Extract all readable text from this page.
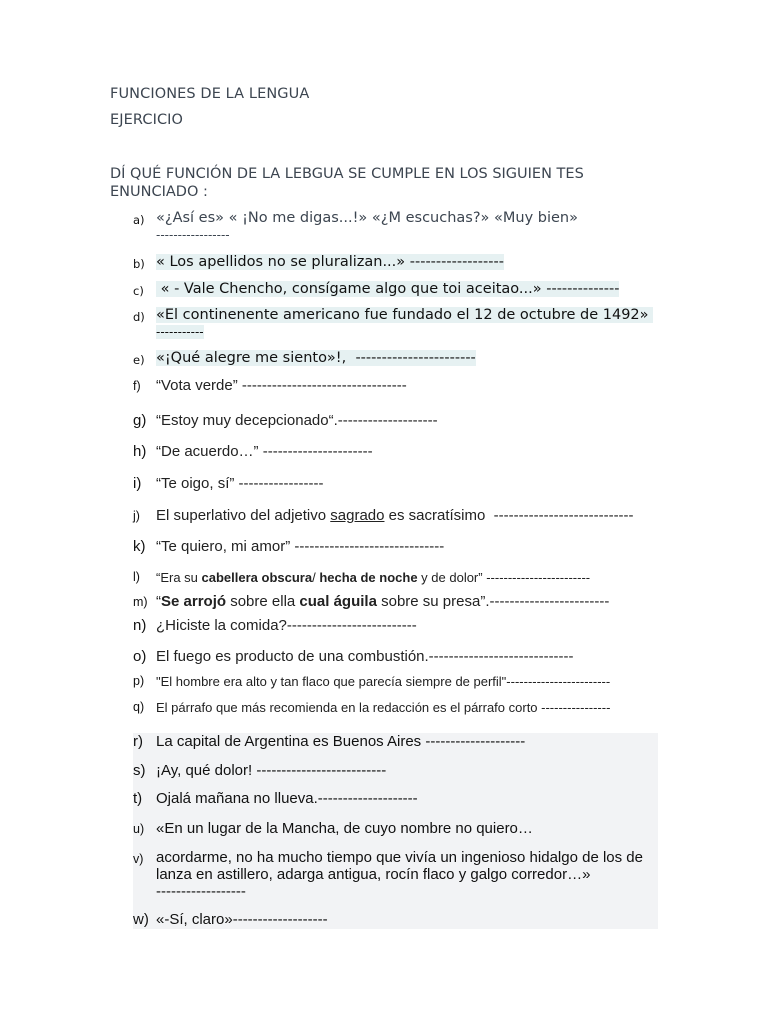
FUNCIONES DE LA LENGUA
EJERCICIO
DÍ QUÉ FUNCIÓN DE LA LEBGUA SE CUMPLE EN LOS SIGUIEN TES ENUNCIADO :
a) «¿Así es» « ¡No me digas...!» «¿M escuchas?» «Muy bien»
-----------------
b) « Los apellidos no se pluralizan...» ------------------
c) « - Vale Chencho, consígame algo que toi aceitao...» --------------
d) «El continenente americano fue fundado el 12 de octubre de 1492»
-----------
e) «¡Qué alegre me siento»!,  -----------------------
f) “Vota verde” ---------------------------------
g) “Estoy muy decepcionado“.--------------------
h) “De acuerdo…” ----------------------
i) “Te oigo, sí” -----------------

j)

El superlativo del adjetivo sagrado es sacratísimo  ----------------------------

k) “Te quiero, mi amor” ------------------------------

l)

“Era su cabellera obscura/ hecha de noche y de dolor” ------------------------

m)

“Se arrojó sobre ella cual águila sobre su presa”.------------------------

n) ¿Hiciste la comida?--------------------------
o) El fuego es producto de una combustión.-----------------------------
p) "El hombre era alto y tan flaco que parecía siempre de perfil"------------------------
q) El párrafo que más recomienda en la redacción es el párrafo corto ----------------
r) La capital de Argentina es Buenos Aires --------------------
s) ¡Ay, qué dolor! --------------------------
t) Ojalá mañana no llueva.--------------------
u) «En un lugar de la Mancha, de cuyo nombre no quiero…
v) acordarme, no ha mucho tiempo que vivía un ingenioso hidalgo de los de lanza en astillero, adarga antigua, rocín flaco y galgo corredor…»
------------------
w) «-Sí, claro»-------------------
